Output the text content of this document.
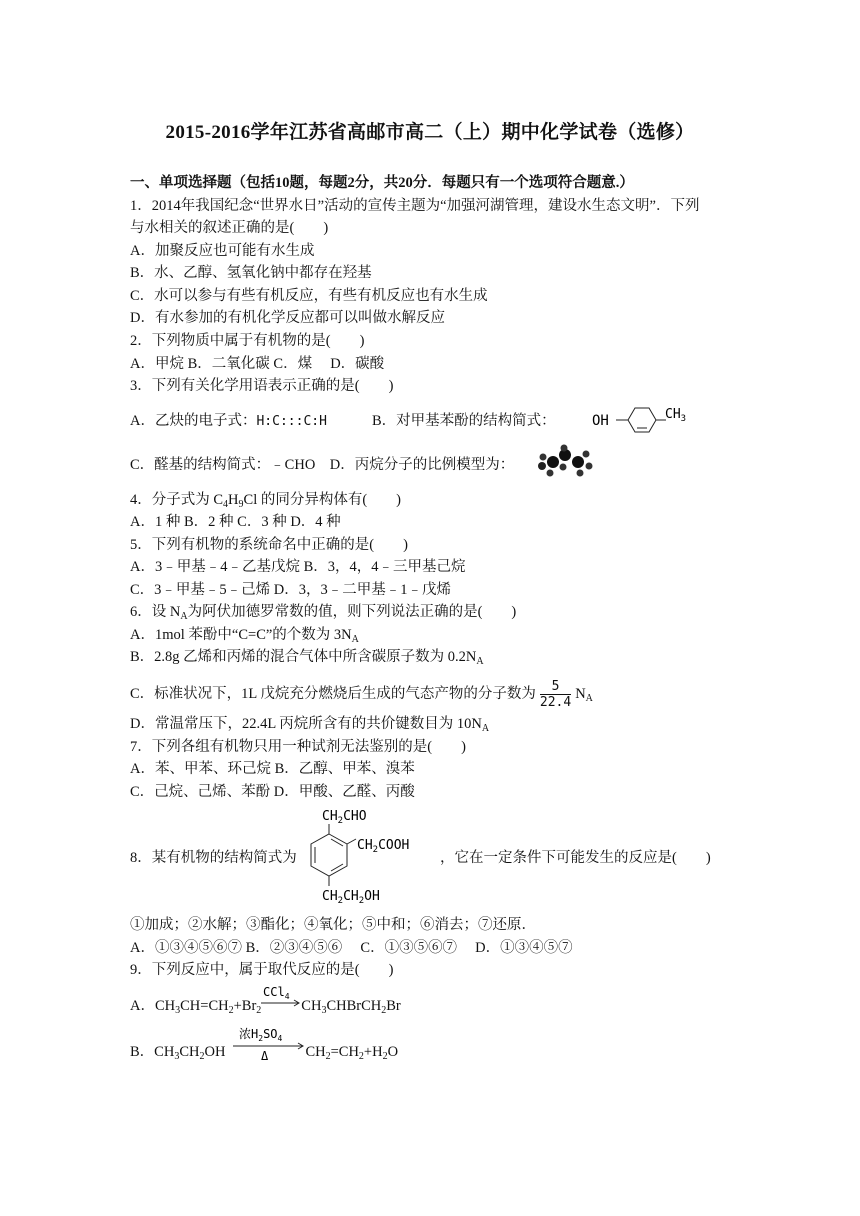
2015-2016学年江苏省高邮市高二（上）期中化学试卷（选修）
一、单项选择题（包括10题，每题2分，共20分．每题只有一个选项符合题意.）
1．2014年我国纪念“世界水日”活动的宣传主题为“加强河湖管理，建设水生态文明”．下列
与水相关的叙述正确的是(　　)
A．加聚反应也可能有水生成
B．水、乙醇、氢氧化钠中都存在羟基
C．水可以参与有些有机反应，有些有机反应也有水生成
D．有水参加的有机化学反应都可以叫做水解反应
2．下列物质中属于有机物的是(　　)
A．甲烷 B．二氧化碳 C．煤　 D．碳酸
3．下列有关化学用语表示正确的是(　　)
A．乙炔的电子式：H:C:::C:H	B．对甲基苯酚的结构简式：	OH	$CH_3$
C．醛基的结构简式：﹣CHO　D．丙烷分子的比例模型为：
4．分子式为 $C_4H_9Cl$ 的同分异构体有(　　)
A．1 种 B．2 种 C．3 种 D．4 种
5．下列有机物的系统命名中正确的是(　　)
A．3﹣甲基﹣4﹣乙基戊烷 B．3，4，4﹣三甲基己烷
C．3﹣甲基﹣5﹣己烯 D．3，3﹣二甲基﹣1﹣戊烯
6．设 $N_A$为阿伏加德罗常数的值，则下列说法正确的是(　　)
A．1mol 苯酚中“C=C”的个数为 $3N_A$
B．2.8g 乙烯和丙烯的混合气体中所含碳原子数为 $0.2N_A$
C．标准状况下，1L 戊烷充分燃烧后生成的气态产物的分子数为 $\frac{5}{22.4} N_A$
D．常温常压下，22.4L 丙烷所含有的共价键数目为 $10N_A$
7．下列各组有机物只用一种试剂无法鉴别的是(　　)
A．苯、甲苯、环己烷 B．乙醇、甲苯、溴苯
C．己烷、己烯、苯酚 D．甲酸、乙醛、丙酸
8．某有机物的结构简式为
$CH_2CHO$
$CH_2COOH$
$CH_2CH_2OH$
，它在一定条件下可能发生的反应是(　　)
①加成；②水解；③酯化；④氧化；⑤中和；⑥消去；⑦还原．
A．①③④⑤⑥⑦ B．②③④⑤⑥　 C．①③⑤⑥⑦　 D．①③④⑤⑦
9．下列反应中，属于取代反应的是(　　)
A．$CH_3CH=CH_2+Br_2$
CCl$_4$
$CH_3CHBrCH_2Br$
B．$CH_3CH_2OH$
浓$H_2SO_4$
Δ	$CH_2=CH_2+H_2O$
